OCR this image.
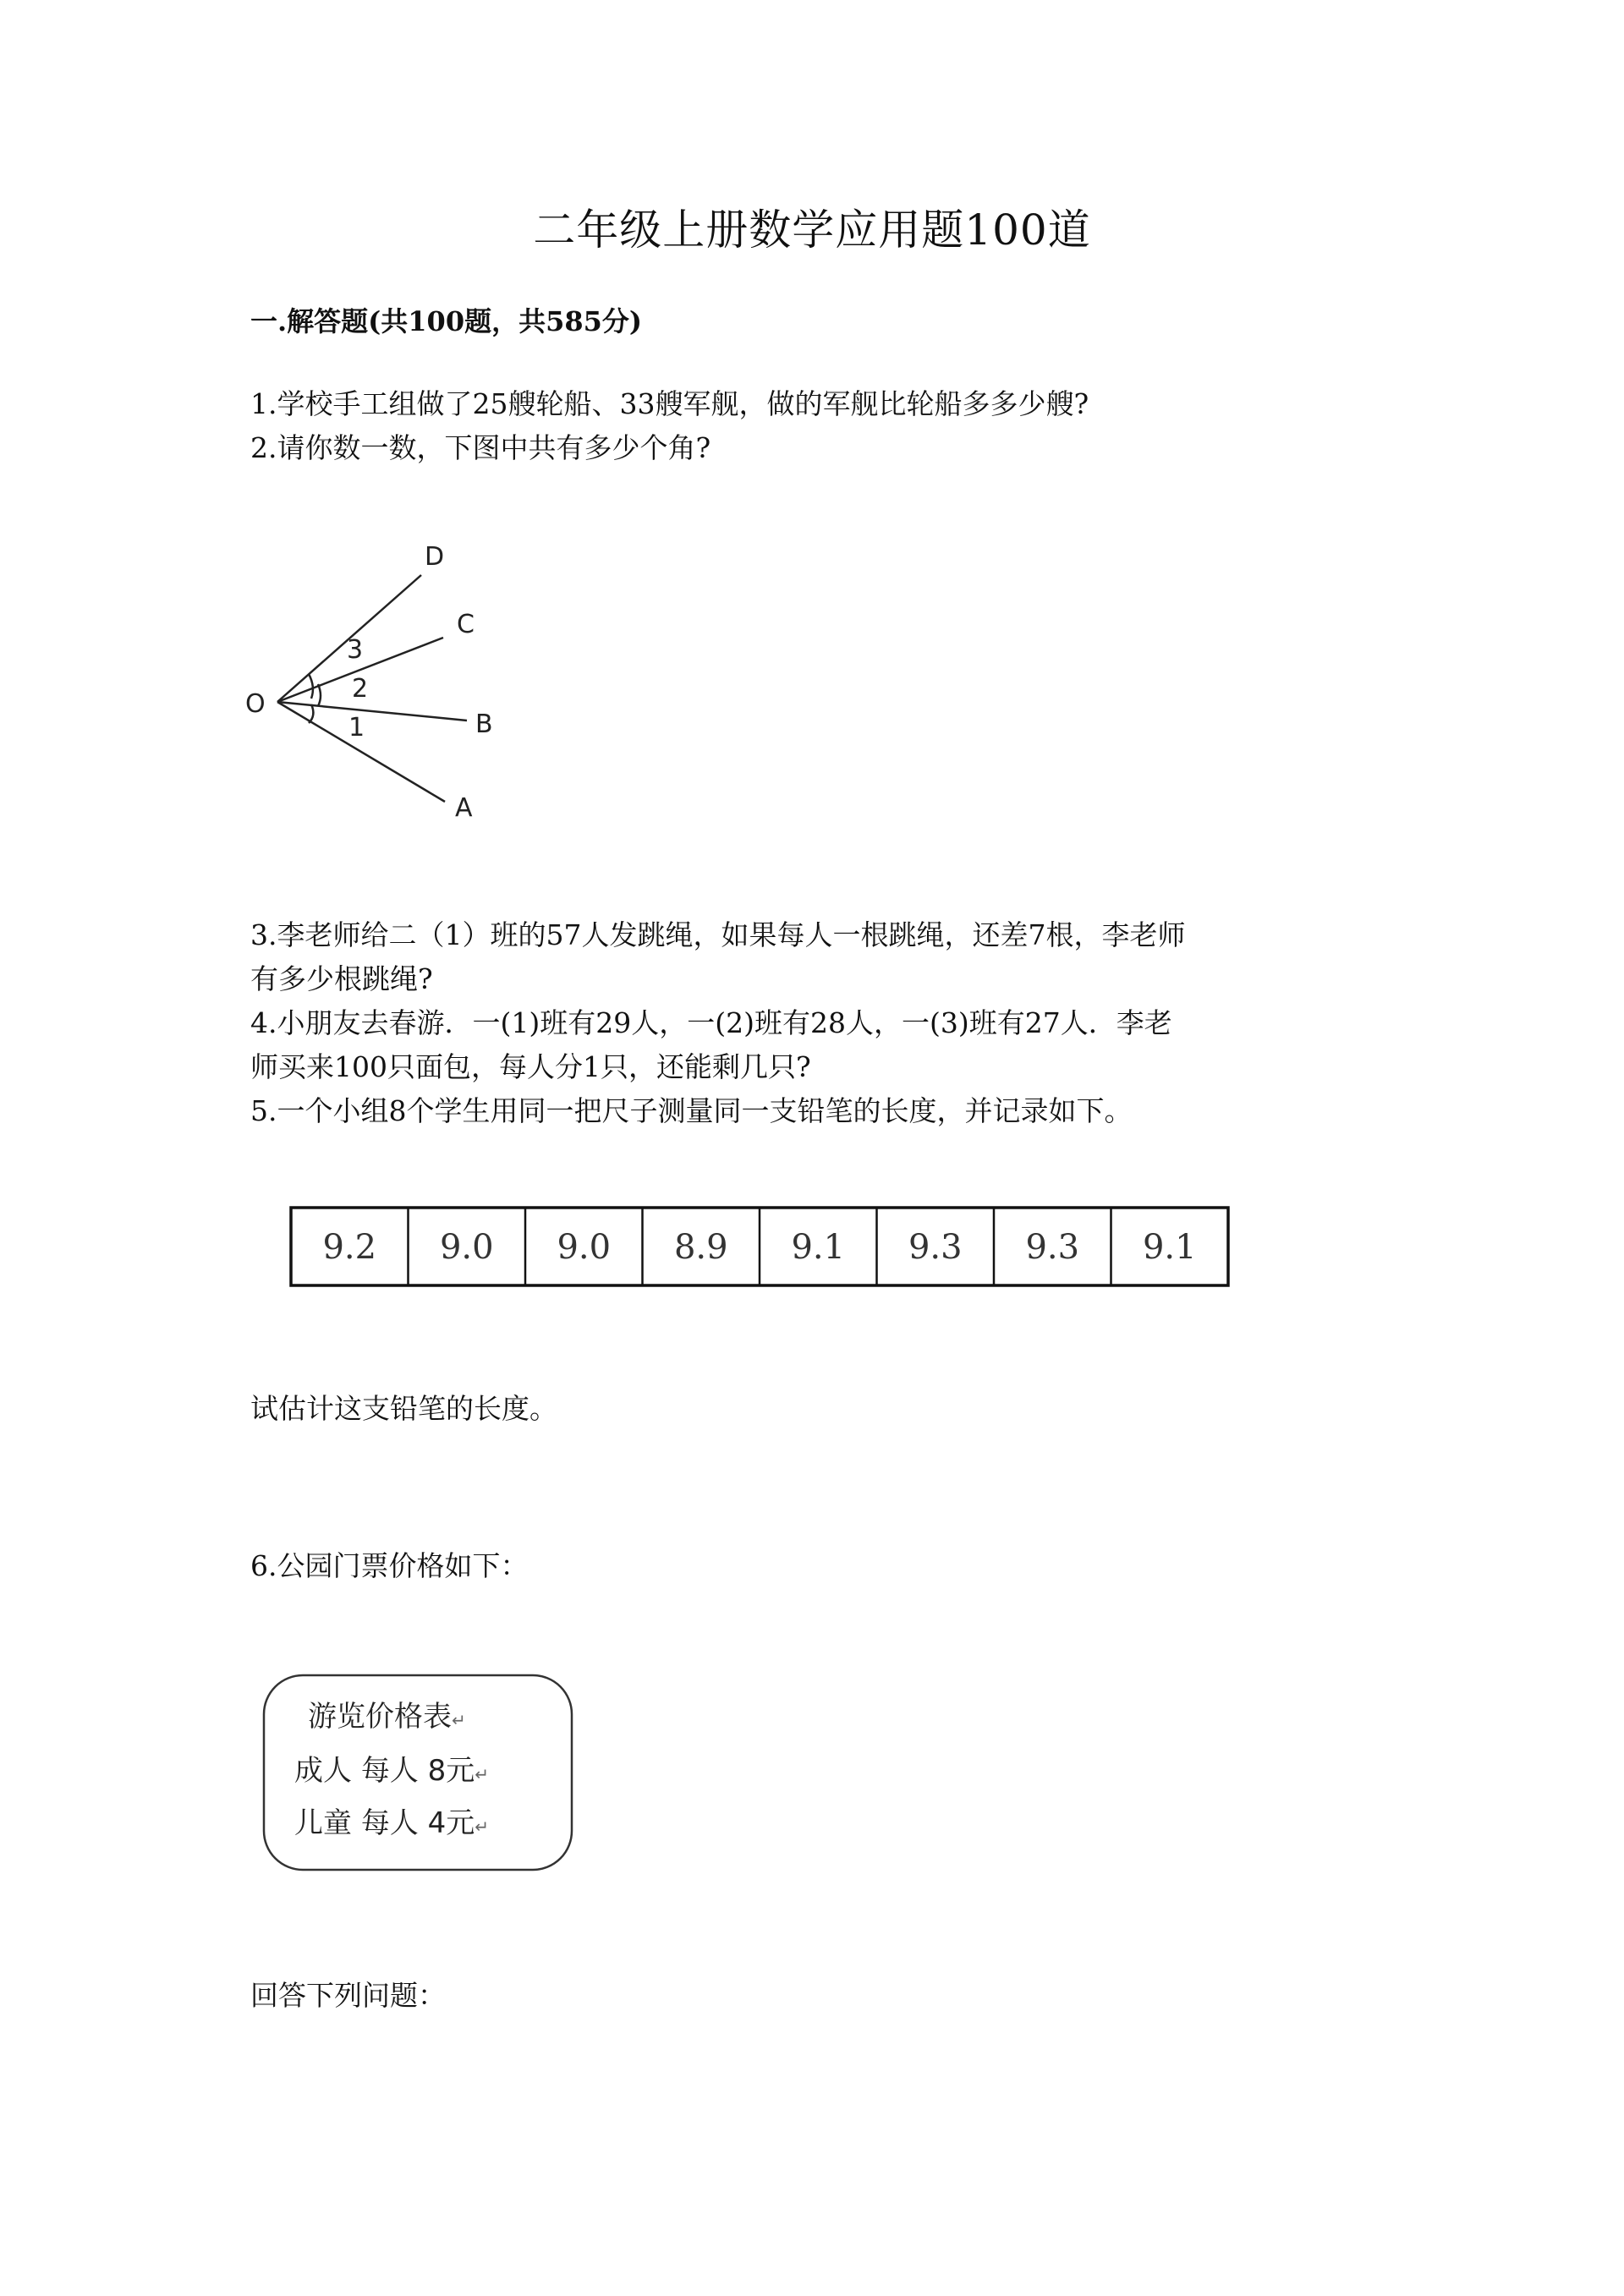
二年级上册数学应用题100道
一.解答题(共100题，共585分)
1.学校手工组做了25艘轮船、33艘军舰，做的军舰比轮船多多少艘?
2.请你数一数，下图中共有多少个角?
O
D
C
B
A
3
2
1
3.李老师给二（1）班的57人发跳绳，如果每人一根跳绳，还差7根，李老师
有多少根跳绳?
4.小朋友去春游．一(1)班有29人，一(2)班有28人，一(3)班有27人．李老
师买来100只面包，每人分1只，还能剩几只?
5.一个小组8个学生用同一把尺子测量同一支铅笔的长度，并记录如下。
9.2 9.0 9.0 8.9 9.1 9.3 9.3 9.1
试估计这支铅笔的长度。
6.公园门票价格如下：
游览价格表↵
成人 每人 8元↵
儿童 每人 4元↵
回答下列问题：
